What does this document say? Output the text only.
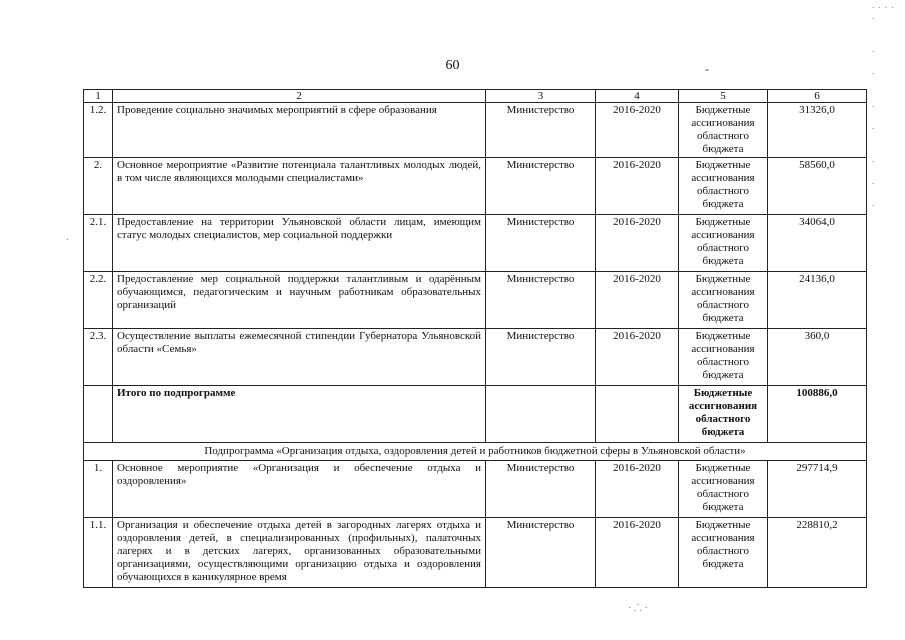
. . . .
.

.

.

.

.

.

.

.
.
· .˙. ·
60	-
1	2	3	4	5	6
1.2.	Проведение социально значимых мероприятий в сфере образования	Министерство	2016-2020	Бюджетные ассигнования областного бюджета	31326,0
2.	Основное мероприятие «Развитие потенциала талантливых молодых людей, в том числе являющихся молодыми специалистами»	Министерство	2016-2020	Бюджетные ассигнования областного бюджета	58560,0
2.1.	Предоставление на территории Ульяновской области лицам, имеющим статус молодых специалистов, мер социальной поддержки	Министерство	2016-2020	Бюджетные ассигнования областного бюджета	34064,0
2.2.	Предоставление мер социальной поддержки талантливым и одарённым обучающимся, педагогическим и научным работникам образовательных организаций	Министерство	2016-2020	Бюджетные ассигнования областного бюджета	24136,0
2.3.	Осуществление выплаты ежемесячной стипендии Губернатора Ульяновской области «Семья»	Министерство	2016-2020	Бюджетные ассигнования областного бюджета	360,0
	Итого по подпрограмме			Бюджетные ассигнования областного бюджета	100886,0
Подпрограмма «Организация отдыха, оздоровления детей и работников бюджетной сферы в Ульяновской области»					
1.	Основное мероприятие «Организация и обеспечение отдыха и оздоровления»	Министерство	2016-2020	Бюджетные ассигнования областного бюджета	297714,9
1.1.	Организация и обеспечение отдыха детей в загородных лагерях отдыха и оздоровления детей, в специализированных (профильных), палаточных лагерях и в детских лагерях, организованных образовательными организациями, осуществляющими организацию отдыха и оздоровления обучающихся в каникулярное время	Министерство	2016-2020	Бюджетные ассигнования областного бюджета	228810,2
